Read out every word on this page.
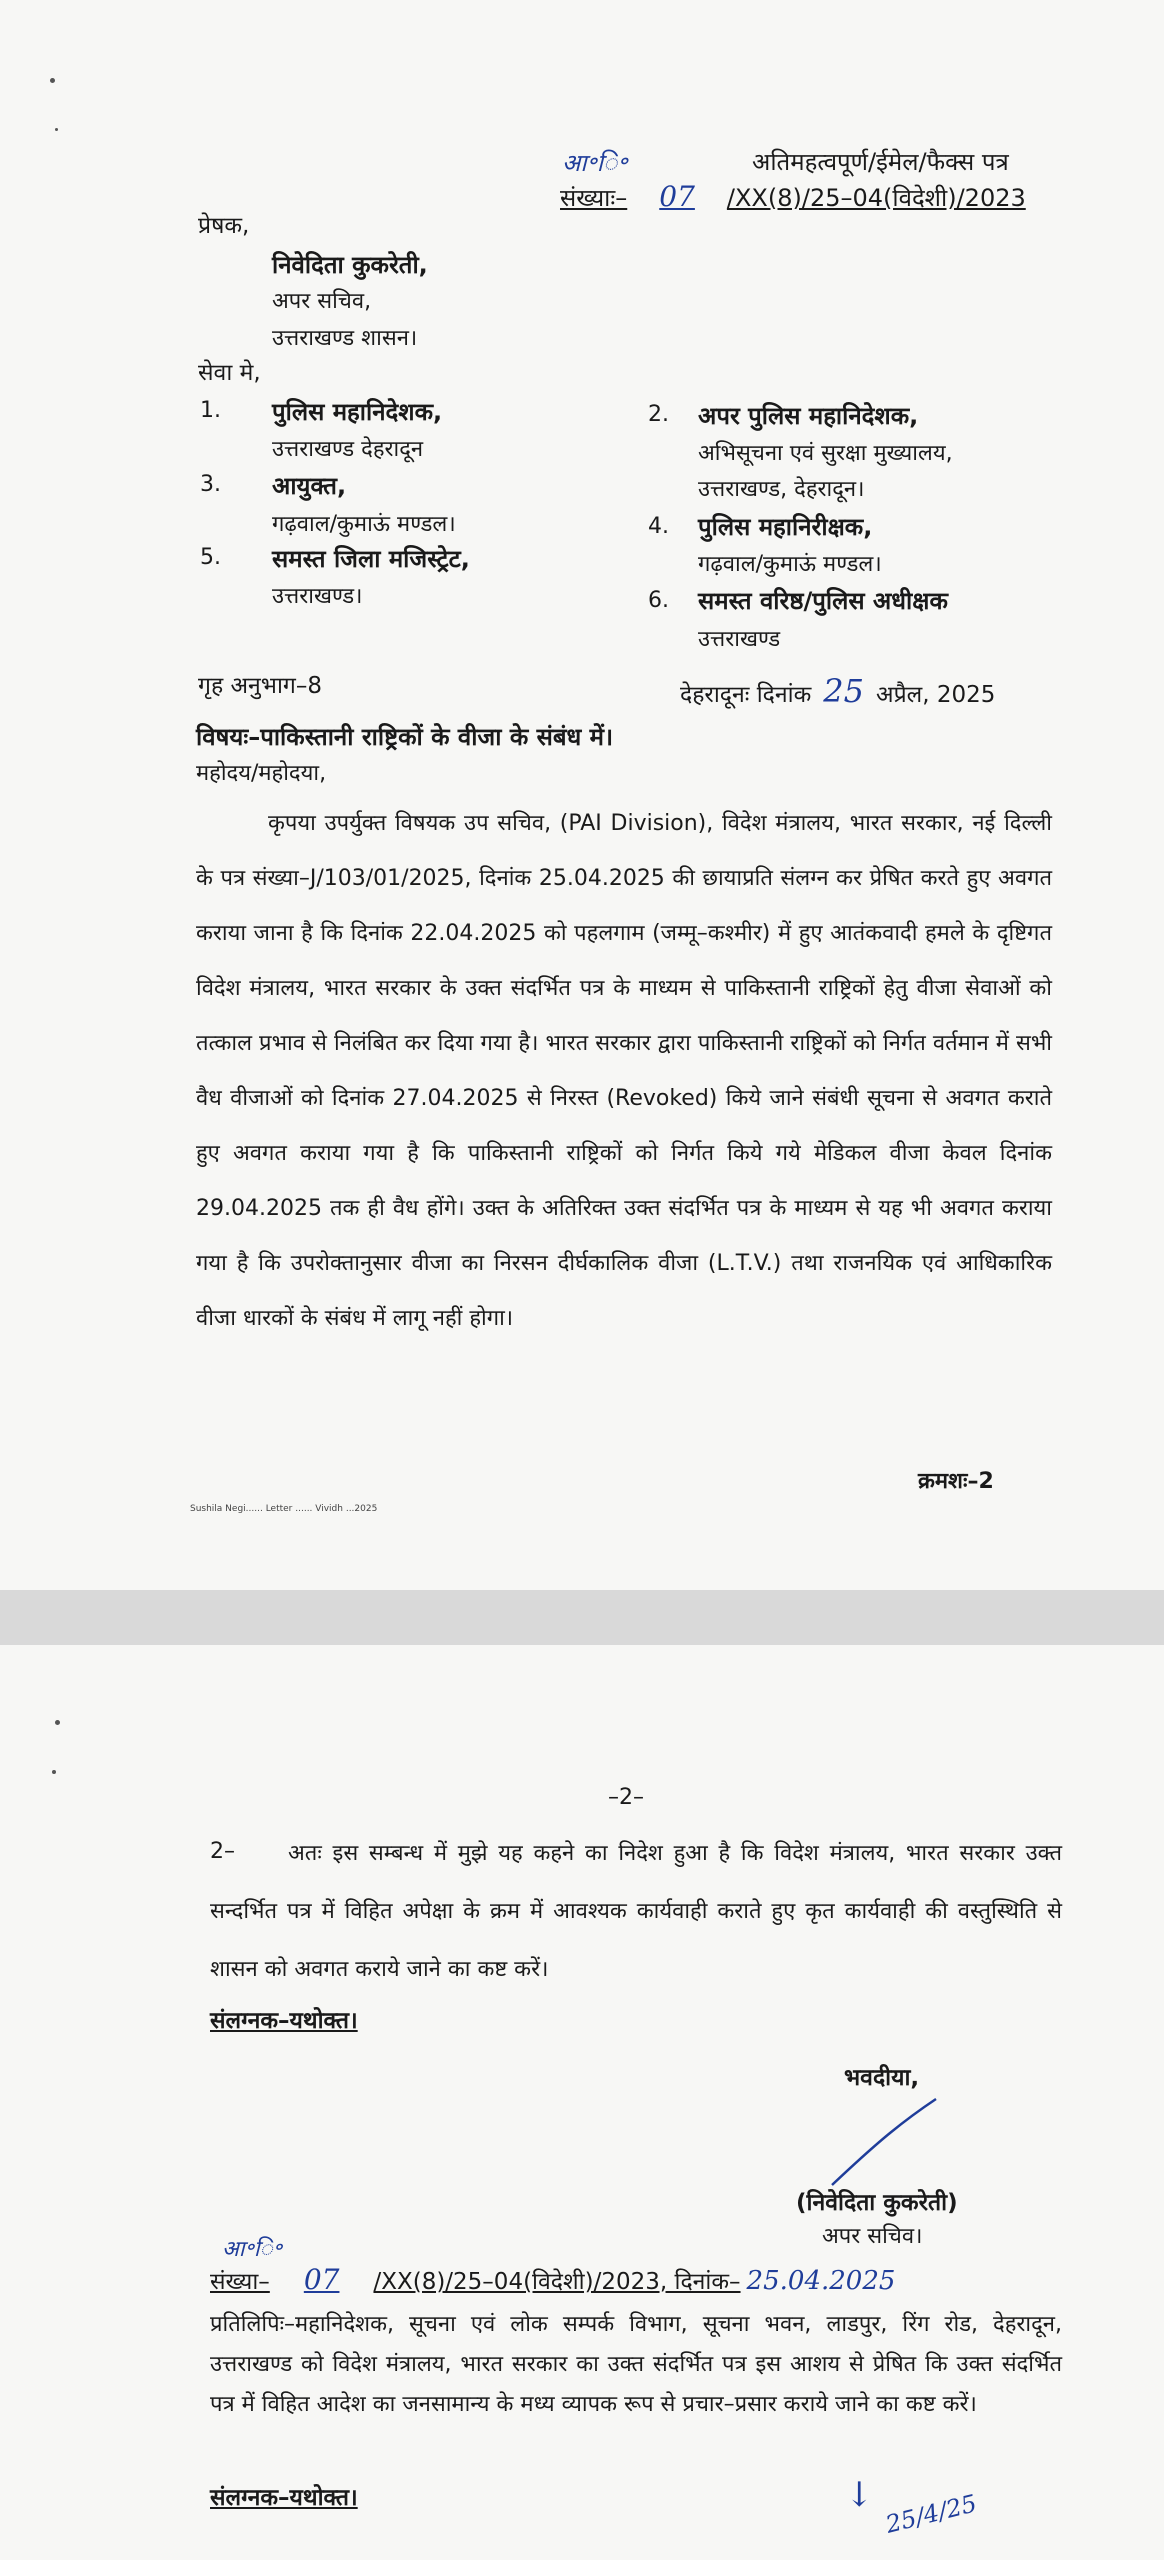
आ॰ि॰	अतिमहत्वपूर्ण/ईमेल/फैक्स पत्र
संख्याः– 07 /XX(8)/25–04(विदेशी)/2023
प्रेषक,
निवेदिता कुकरेती,
अपर सचिव,
उत्तराखण्ड शासन।
सेवा मे,
1. पुलिस महानिदेशक,
उत्तराखण्ड देहरादून
2. अपर पुलिस महानिदेशक,
अभिसूचना एवं सुरक्षा मुख्यालय,
उत्तराखण्ड, देहरादून।
3. आयुक्त,
गढ़वाल/कुमाऊं मण्डल।	4. पुलिस महानिरीक्षक,
गढ़वाल/कुमाऊं मण्डल।
5. समस्त जिला मजिस्ट्रेट,
उत्तराखण्ड।	6. समस्त वरिष्ठ/पुलिस अधीक्षक
उत्तराखण्ड
गृह अनुभाग–8	देहरादूनः दिनांक 25 अप्रैल, 2025
विषयः–पाकिस्तानी राष्ट्रिकों के वीजा के संबंध में।
महोदय/महोदया,
कृपया उपर्युक्त विषयक उप सचिव, (PAI Division), विदेश मंत्रालय, भारत सरकार, नई दिल्ली के पत्र संख्या–J/103/01/2025, दिनांक 25.04.2025 की छायाप्रति संलग्न कर प्रेषित करते हुए अवगत कराया जाना है कि दिनांक 22.04.2025 को पहलगाम (जम्मू–कश्मीर) में हुए आतंकवादी हमले के दृष्टिगत विदेश मंत्रालय, भारत सरकार के उक्त संदर्भित पत्र के माध्यम से पाकिस्तानी राष्ट्रिकों हेतु वीजा सेवाओं को तत्काल प्रभाव से निलंबित कर दिया गया है। भारत सरकार द्वारा पाकिस्तानी राष्ट्रिकों को निर्गत वर्तमान में सभी वैध वीजाओं को दिनांक 27.04.2025 से निरस्त (Revoked) किये जाने संबंधी सूचना से अवगत कराते हुए अवगत कराया गया है कि पाकिस्तानी राष्ट्रिकों को निर्गत किये गये मेडिकल वीजा केवल दिनांक 29.04.2025 तक ही वैध होंगे। उक्त के अतिरिक्त उक्त संदर्भित पत्र के माध्यम से यह भी अवगत कराया गया है कि उपरोक्तानुसार वीजा का निरसन दीर्घकालिक वीजा (L.T.V.) तथा राजनयिक एवं आधिकारिक वीजा धारकों के संबंध में लागू नहीं होगा।
क्रमशः–2
Sushila Negi...... Letter ...... Vividh ...2025
–2–
2–	अतः इस सम्बन्ध में मुझे यह कहने का निदेश हुआ है कि विदेश मंत्रालय, भारत सरकार उक्त सन्दर्भित पत्र में विहित अपेक्षा के क्रम में आवश्यक कार्यवाही कराते हुए कृत कार्यवाही की वस्तुस्थिति से शासन को अवगत कराये जाने का कष्ट करें।
संलग्नक–यथोक्त।
भवदीया,
(निवेदिता कुकरेती)
अपर सचिव।
आ॰ि॰
संख्या– 07 /XX(8)/25–04(विदेशी)/2023, दिनांक– 25.04.2025
प्रतिलिपिः–महानिदेशक, सूचना एवं लोक सम्पर्क विभाग, सूचना भवन, लाडपुर, रिंग रोड, देहरादून, उत्तराखण्ड को विदेश मंत्रालय, भारत सरकार का उक्त संदर्भित पत्र इस आशय से प्रेषित कि उक्त संदर्भित पत्र में विहित आदेश का जनसामान्य के मध्य व्यापक रूप से प्रचार–प्रसार कराये जाने का कष्ट करें।
संलग्नक–यथोक्त।	↓ 25/4/25
